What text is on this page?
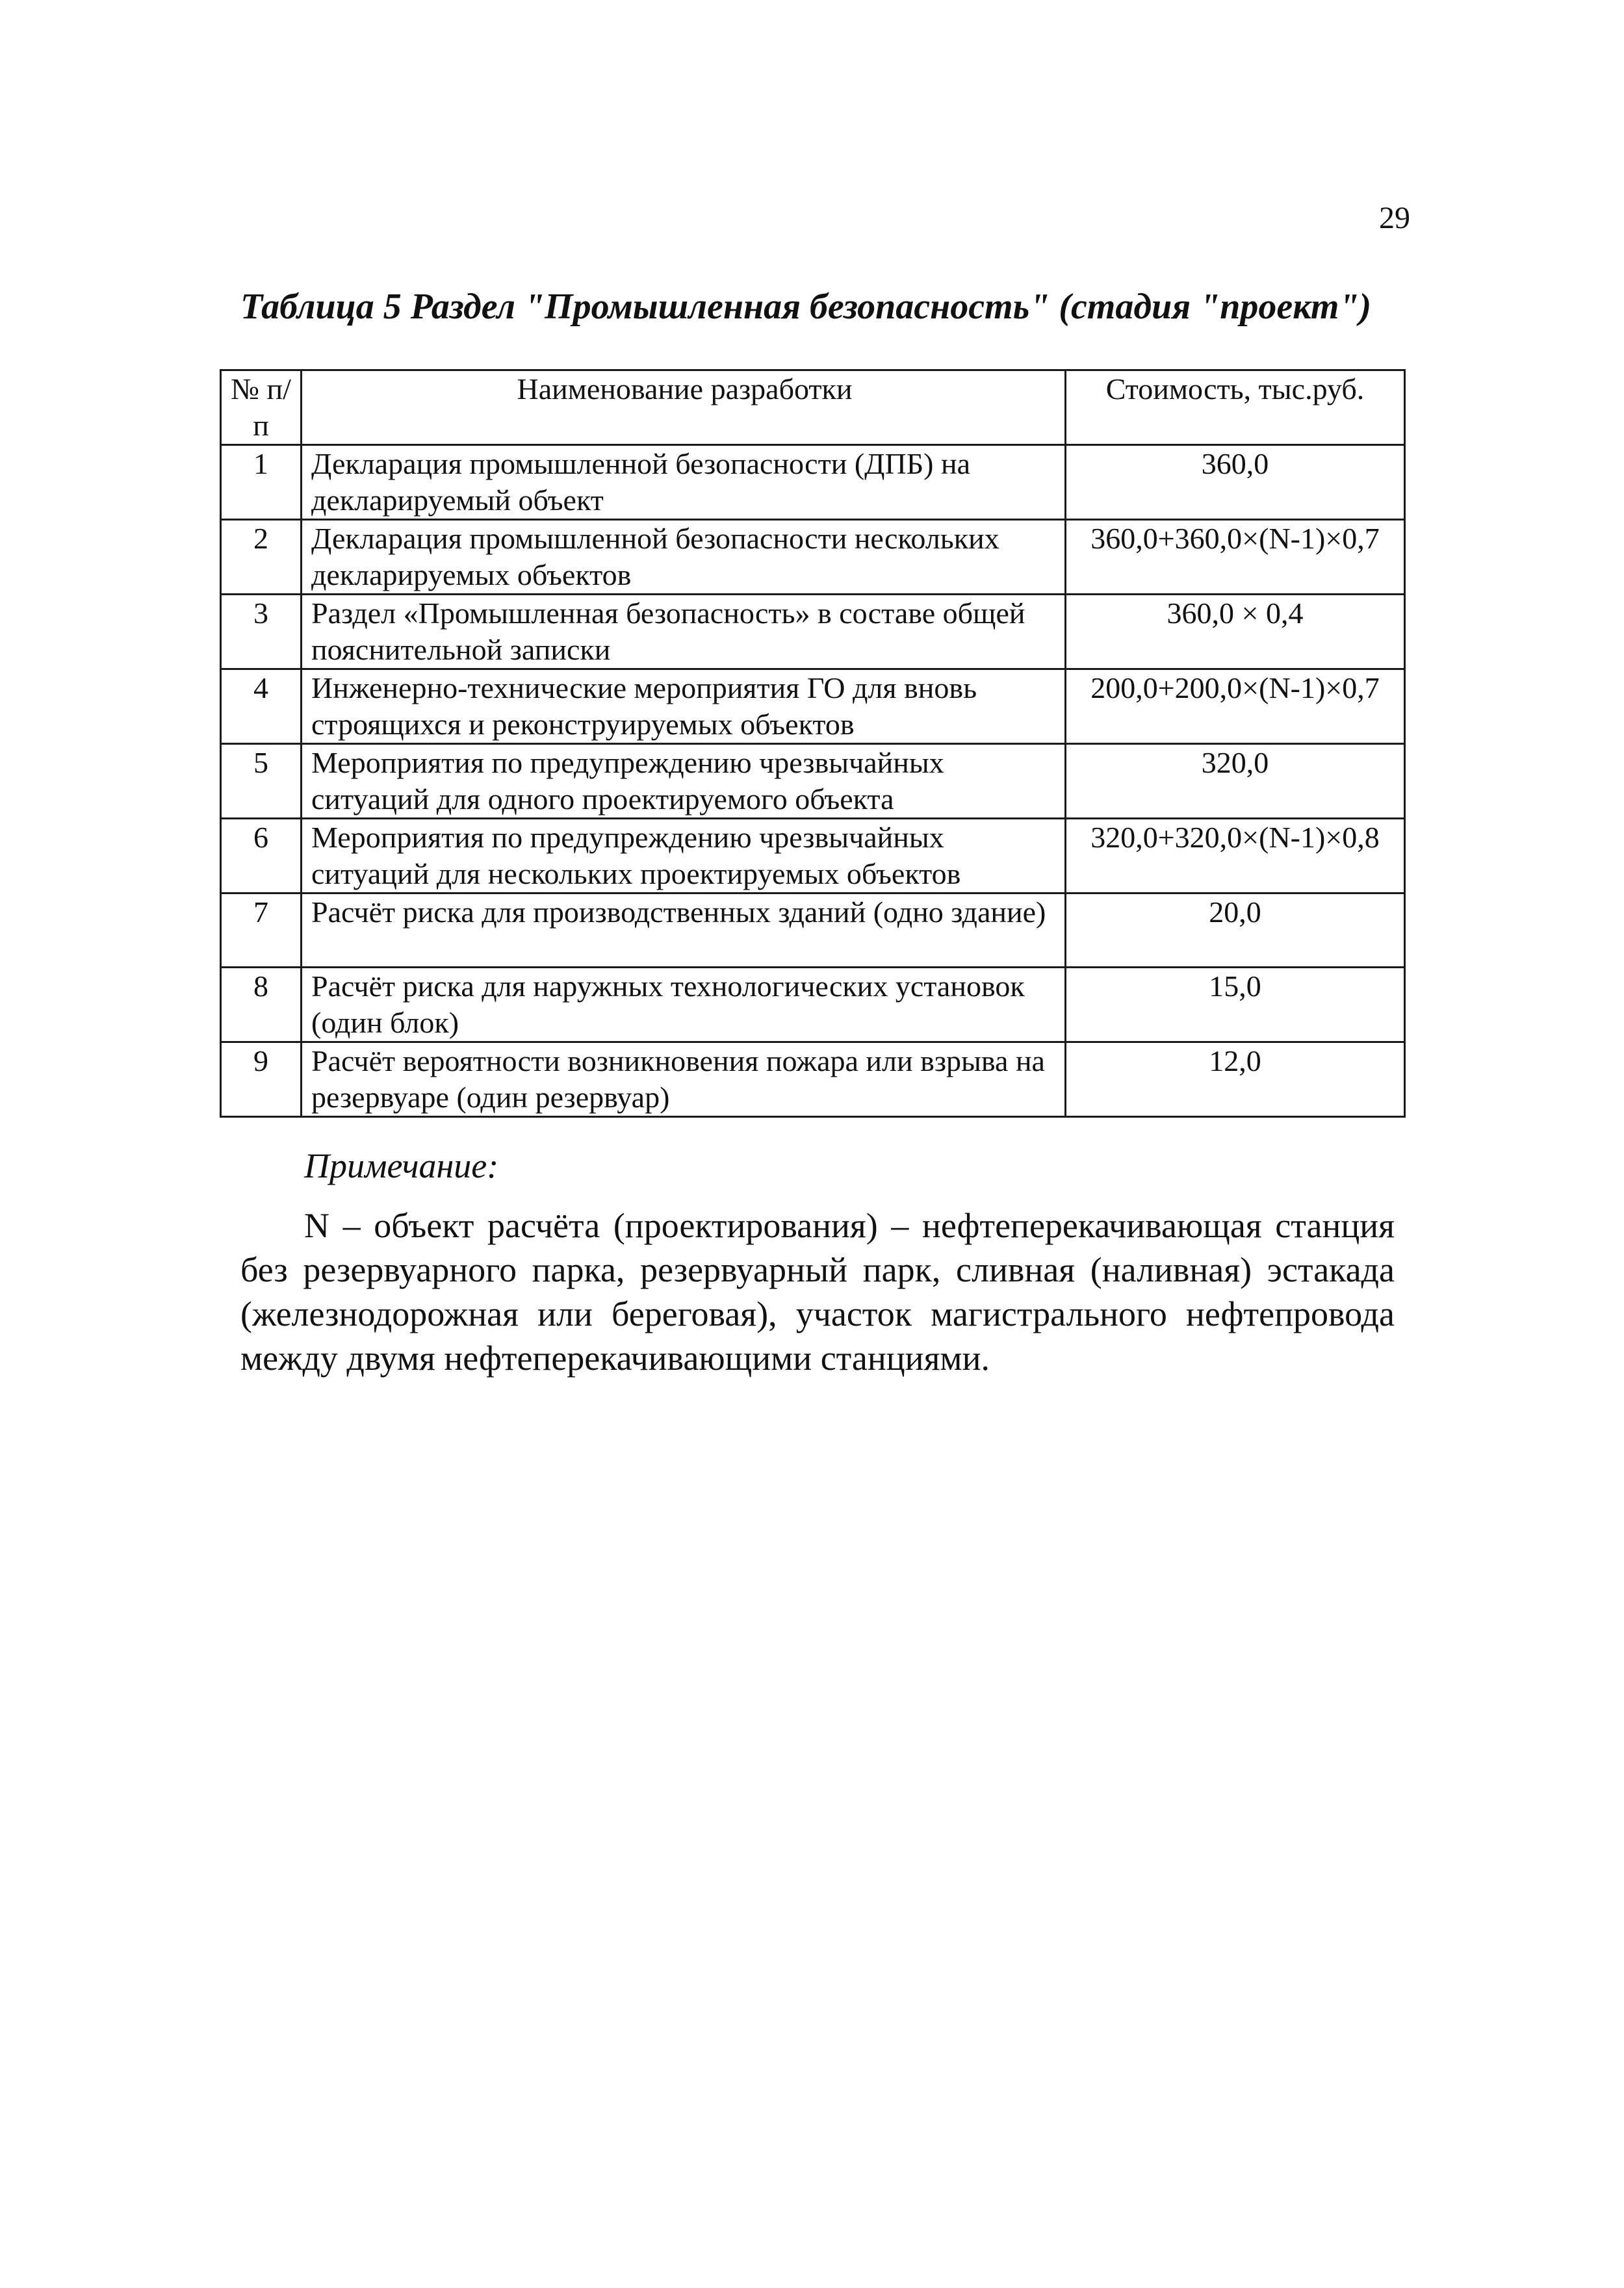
29
Таблица 5 Раздел "Промышленная безопасность" (стадия "проект")
№ п/п	Наименование разработки	Стоимость, тыс.руб.
1	Декларация промышленной безопасности (ДПБ) на декларируемый объект	360,0
2	Декларация промышленной безопасности нескольких декларируемых объектов	360,0+360,0×(N-1)×0,7
3	Раздел «Промышленная безопасность» в составе общей пояснительной записки	360,0 × 0,4
4	Инженерно-технические мероприятия ГО для вновь строящихся и реконструируемых объектов	200,0+200,0×(N-1)×0,7
5	Мероприятия по предупреждению чрезвычайных ситуаций для одного проектируемого объекта	320,0
6	Мероприятия по предупреждению чрезвычайных ситуаций для нескольких проектируемых объектов	320,0+320,0×(N-1)×0,8
7	Расчёт риска для производственных зданий (одно здание)	20,0
8	Расчёт риска для наружных технологических установок (один блок)	15,0
9	Расчёт вероятности возникновения пожара или взрыва на резервуаре (один резервуар)	12,0
Примечание:
N – объект расчёта (проектирования) – нефтеперекачивающая станция без резервуарного парка, резервуарный парк, сливная (наливная) эстакада (железнодорожная или береговая), участок магистрального нефтепровода между двумя нефтеперекачивающими станциями.
